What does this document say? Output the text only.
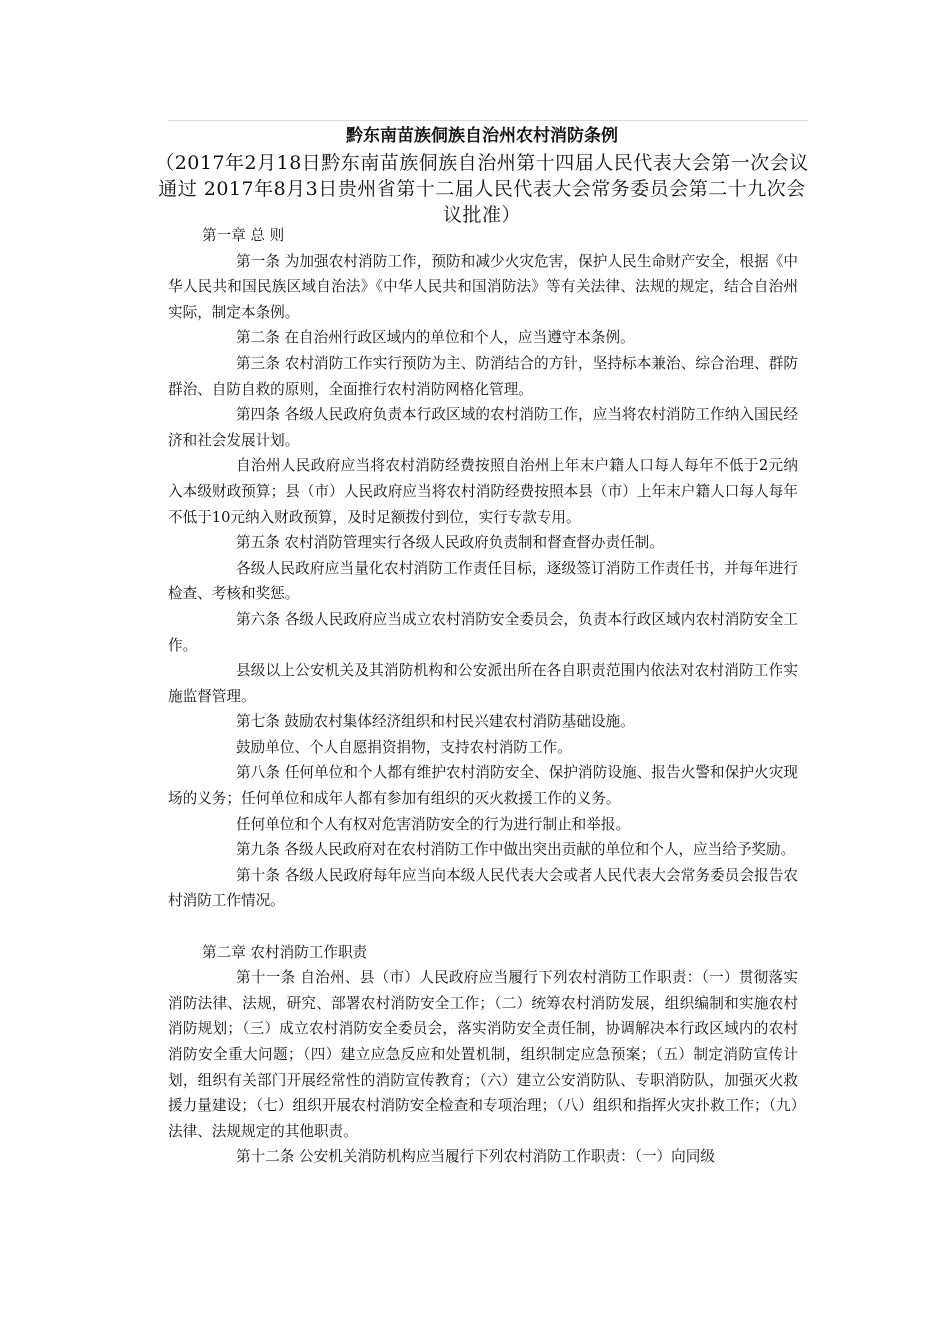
黔东南苗族侗族自治州农村消防条例

（2017年2月18日黔东南苗族侗族自治州第十四届人民代表大会第一次会议通过 2017年8月3日贵州省第十二届人民代表大会常务委员会第二十九次会议批准）

第一章 总 则

第一条 为加强农村消防工作，预防和减少火灾危害，保护人民生命财产安全，根据《中华人民共和国民族区域自治法》《中华人民共和国消防法》等有关法律、法规的规定，结合自治州实际，制定本条例。

第二条 在自治州行政区域内的单位和个人，应当遵守本条例。

第三条 农村消防工作实行预防为主、防消结合的方针，坚持标本兼治、综合治理、群防群治、自防自救的原则，全面推行农村消防网格化管理。

第四条 各级人民政府负责本行政区域的农村消防工作，应当将农村消防工作纳入国民经济和社会发展计划。

自治州人民政府应当将农村消防经费按照自治州上年末户籍人口每人每年不低于2元纳入本级财政预算；县（市）人民政府应当将农村消防经费按照本县（市）上年末户籍人口每人每年不低于10元纳入财政预算，及时足额拨付到位，实行专款专用。

第五条 农村消防管理实行各级人民政府负责制和督查督办责任制。

各级人民政府应当量化农村消防工作责任目标，逐级签订消防工作责任书，并每年进行检查、考核和奖惩。

第六条 各级人民政府应当成立农村消防安全委员会，负责本行政区域内农村消防安全工作。

县级以上公安机关及其消防机构和公安派出所在各自职责范围内依法对农村消防工作实施监督管理。

第七条 鼓励农村集体经济组织和村民兴建农村消防基础设施。

鼓励单位、个人自愿捐资捐物，支持农村消防工作。

第八条 任何单位和个人都有维护农村消防安全、保护消防设施、报告火警和保护火灾现场的义务；任何单位和成年人都有参加有组织的灭火救援工作的义务。

任何单位和个人有权对危害消防安全的行为进行制止和举报。

第九条 各级人民政府对在农村消防工作中做出突出贡献的单位和个人，应当给予奖励。

第十条 各级人民政府每年应当向本级人民代表大会或者人民代表大会常务委员会报告农村消防工作情况。

第二章 农村消防工作职责

第十一条 自治州、县（市）人民政府应当履行下列农村消防工作职责：（一）贯彻落实消防法律、法规，研究、部署农村消防安全工作；（二）统筹农村消防发展，组织编制和实施农村消防规划；（三）成立农村消防安全委员会，落实消防安全责任制，协调解决本行政区域内的农村消防安全重大问题；（四）建立应急反应和处置机制，组织制定应急预案；（五）制定消防宣传计划，组织有关部门开展经常性的消防宣传教育；（六）建立公安消防队、专职消防队，加强灭火救援力量建设；（七）组织开展农村消防安全检查和专项治理；（八）组织和指挥火灾扑救工作；（九）法律、法规规定的其他职责。

第十二条 公安机关消防机构应当履行下列农村消防工作职责：（一）向同级
